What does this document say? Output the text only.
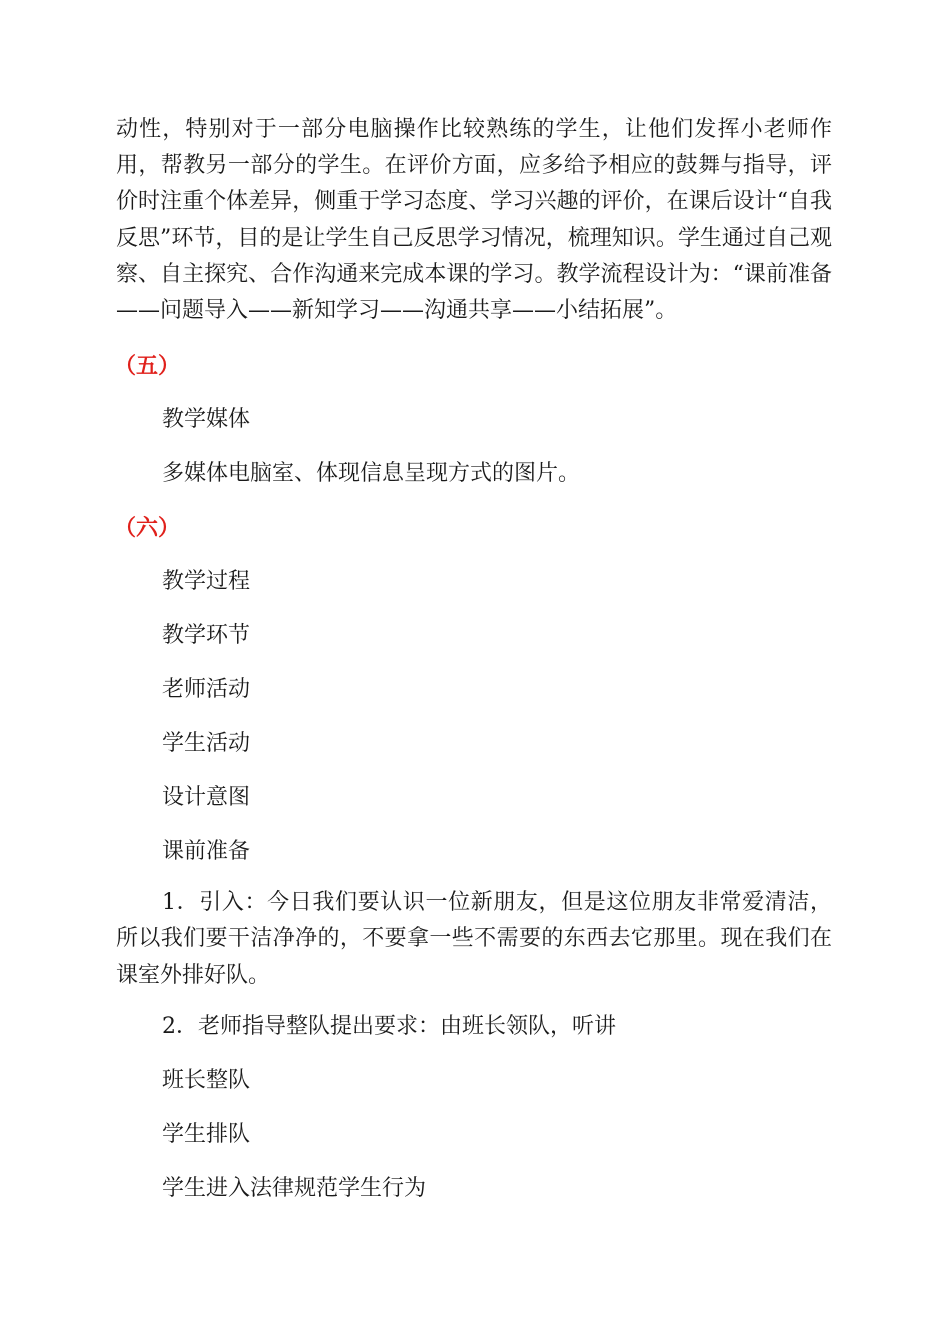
动性，特别对于一部分电脑操作比较熟练的学生，让他们发挥小老师作用，帮教另一部分的学生。在评价方面，应多给予相应的鼓舞与指导，评价时注重个体差异，侧重于学习态度、学习兴趣的评价，在课后设计“自我反思”环节，目的是让学生自己反思学习情况，梳理知识。学生通过自己观察、自主探究、合作沟通来完成本课的学习。教学流程设计为：“课前准备——问题导入——新知学习——沟通共享——小结拓展”。

（五）

教学媒体

多媒体电脑室、体现信息呈现方式的图片。

（六）

教学过程

教学环节

老师活动

学生活动

设计意图

课前准备

1．引入：今日我们要认识一位新朋友，但是这位朋友非常爱清洁，所以我们要干洁净净的，不要拿一些不需要的东西去它那里。现在我们在课室外排好队。

2．老师指导整队提出要求：由班长领队，听讲

班长整队

学生排队

学生进入法律规范学生行为
